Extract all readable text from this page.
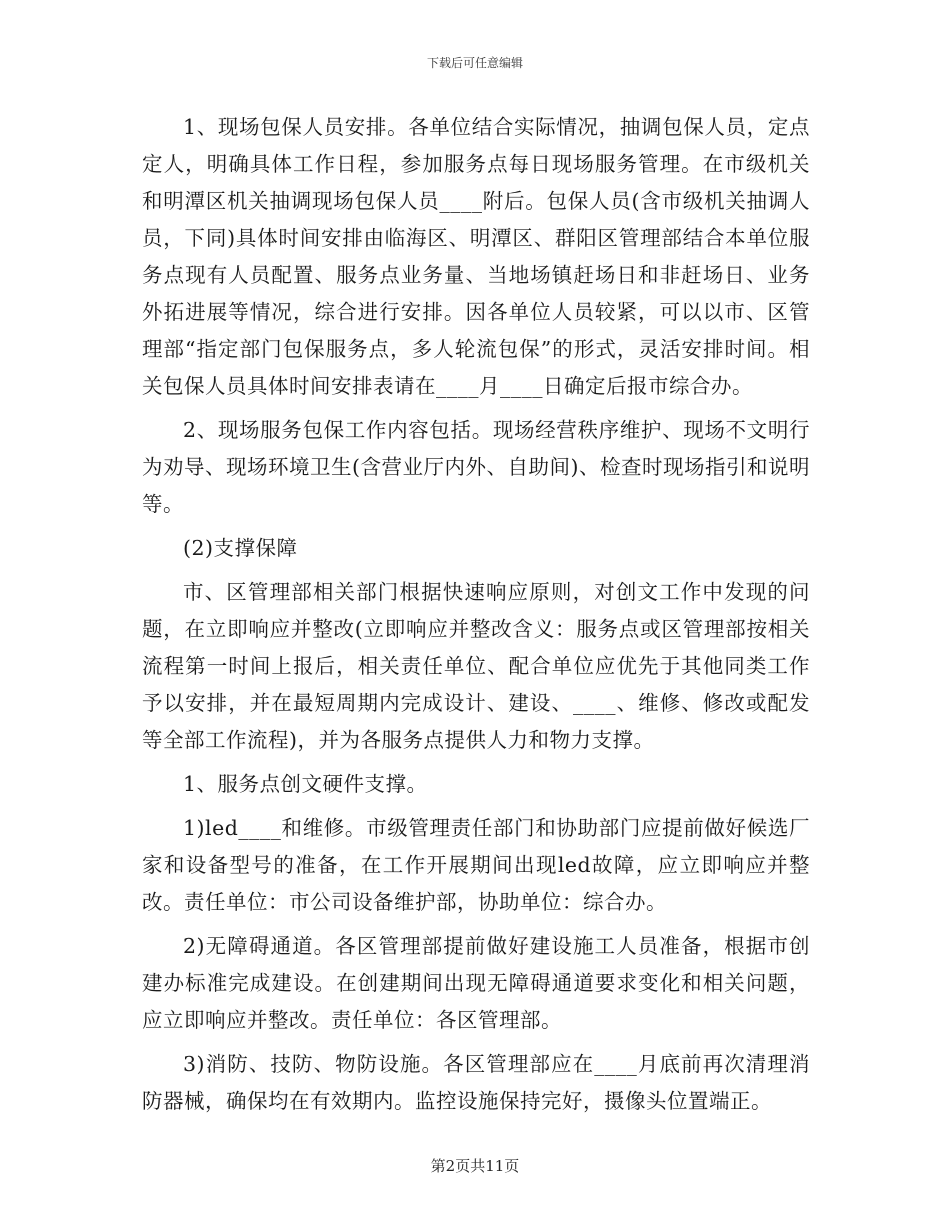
下载后可任意编辑

1、现场包保人员安排。各单位结合实际情况，抽调包保人员，定点定人，明确具体工作日程，参加服务点每日现场服务管理。在市级机关和明潭区机关抽调现场包保人员____附后。包保人员(含市级机关抽调人员，下同)具体时间安排由临海区、明潭区、群阳区管理部结合本单位服务点现有人员配置、服务点业务量、当地场镇赶场日和非赶场日、业务外拓进展等情况，综合进行安排。因各单位人员较紧，可以以市、区管理部“指定部门包保服务点，多人轮流包保”的形式，灵活安排时间。相关包保人员具体时间安排表请在____月____日确定后报市综合办。

2、现场服务包保工作内容包括。现场经营秩序维护、现场不文明行为劝导、现场环境卫生(含营业厅内外、自助间)、检查时现场指引和说明等。

(2)支撑保障

市、区管理部相关部门根据快速响应原则，对创文工作中发现的问题，在立即响应并整改(立即响应并整改含义：服务点或区管理部按相关流程第一时间上报后，相关责任单位、配合单位应优先于其他同类工作予以安排，并在最短周期内完成设计、建设、____、维修、修改或配发等全部工作流程)，并为各服务点提供人力和物力支撑。

1、服务点创文硬件支撑。

1)led____和维修。市级管理责任部门和协助部门应提前做好候选厂家和设备型号的准备，在工作开展期间出现led故障，应立即响应并整改。责任单位：市公司设备维护部，协助单位：综合办。

2)无障碍通道。各区管理部提前做好建设施工人员准备，根据市创建办标准完成建设。在创建期间出现无障碍通道要求变化和相关问题，应立即响应并整改。责任单位：各区管理部。

3)消防、技防、物防设施。各区管理部应在____月底前再次清理消防器械，确保均在有效期内。监控设施保持完好，摄像头位置端正。

第2页共11页
